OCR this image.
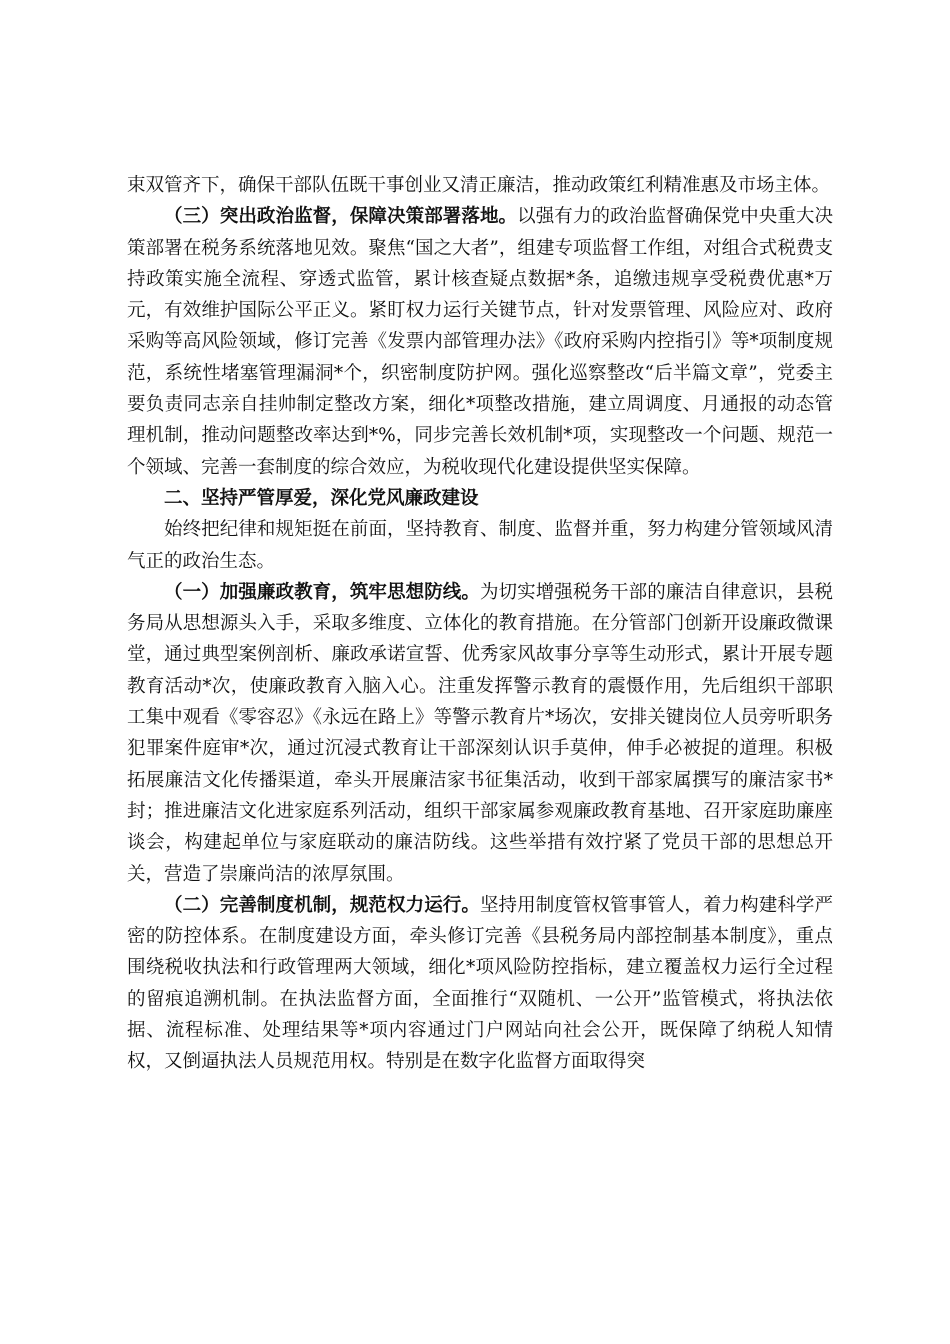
束双管齐下，确保干部队伍既干事创业又清正廉洁，推动政策红利精准惠及市场主体。

（三）突出政治监督，保障决策部署落地。以强有力的政治监督确保党中央重大决策部署在税务系统落地见效。聚焦“国之大者”，组建专项监督工作组，对组合式税费支持政策实施全流程、穿透式监管，累计核查疑点数据*条，追缴违规享受税费优惠*万元，有效维护国际公平正义。紧盯权力运行关键节点，针对发票管理、风险应对、政府采购等高风险领域，修订完善《发票内部管理办法》《政府采购内控指引》等*项制度规范，系统性堵塞管理漏洞*个，织密制度防护网。强化巡察整改“后半篇文章”，党委主要负责同志亲自挂帅制定整改方案，细化*项整改措施，建立周调度、月通报的动态管理机制，推动问题整改率达到*%，同步完善长效机制*项，实现整改一个问题、规范一个领域、完善一套制度的综合效应，为税收现代化建设提供坚实保障。

二、坚持严管厚爱，深化党风廉政建设

始终把纪律和规矩挺在前面，坚持教育、制度、监督并重，努力构建分管领域风清气正的政治生态。

（一）加强廉政教育，筑牢思想防线。为切实增强税务干部的廉洁自律意识，县税务局从思想源头入手，采取多维度、立体化的教育措施。在分管部门创新开设廉政微课堂，通过典型案例剖析、廉政承诺宣誓、优秀家风故事分享等生动形式，累计开展专题教育活动*次，使廉政教育入脑入心。注重发挥警示教育的震慑作用，先后组织干部职工集中观看《零容忍》《永远在路上》等警示教育片*场次，安排关键岗位人员旁听职务犯罪案件庭审*次，通过沉浸式教育让干部深刻认识手莫伸，伸手必被捉的道理。积极拓展廉洁文化传播渠道，牵头开展廉洁家书征集活动，收到干部家属撰写的廉洁家书*封；推进廉洁文化进家庭系列活动，组织干部家属参观廉政教育基地、召开家庭助廉座谈会，构建起单位与家庭联动的廉洁防线。这些举措有效拧紧了党员干部的思想总开关，营造了崇廉尚洁的浓厚氛围。

（二）完善制度机制，规范权力运行。坚持用制度管权管事管人，着力构建科学严密的防控体系。在制度建设方面，牵头修订完善《县税务局内部控制基本制度》，重点围绕税收执法和行政管理两大领域，细化*项风险防控指标，建立覆盖权力运行全过程的留痕追溯机制。在执法监督方面，全面推行“双随机、一公开”监管模式，将执法依据、流程标准、处理结果等*项内容通过门户网站向社会公开，既保障了纳税人知情权，又倒逼执法人员规范用权。特别是在数字化监督方面取得突
